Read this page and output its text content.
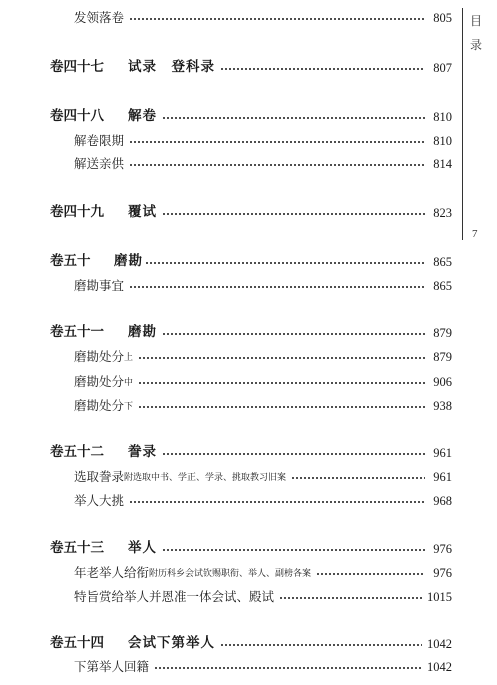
发领落卷	805
卷四十七	试录　登科录	807
卷四十八	解卷	810
解卷限期	810
解送亲供	814
卷四十九	覆试	823
卷五十	磨勘	865
磨勘事宜	865
卷五十一	磨勘	879
磨勘处分 上	879
磨勘处分 中	906
磨勘处分 下	938
卷五十二	誊录	961
选取誊录 附选取中书、学正、学录、挑取教习旧案	961
举人大挑	968
卷五十三	举人	976
年老举人给衔 附历科乡会试钦赐职衔、举人、副榜各案	976
特旨赏给举人并恩准一体会试、殿试	1015
卷五十四	会试下第举人	1042
下第举人回籍	1042
目
录
7
